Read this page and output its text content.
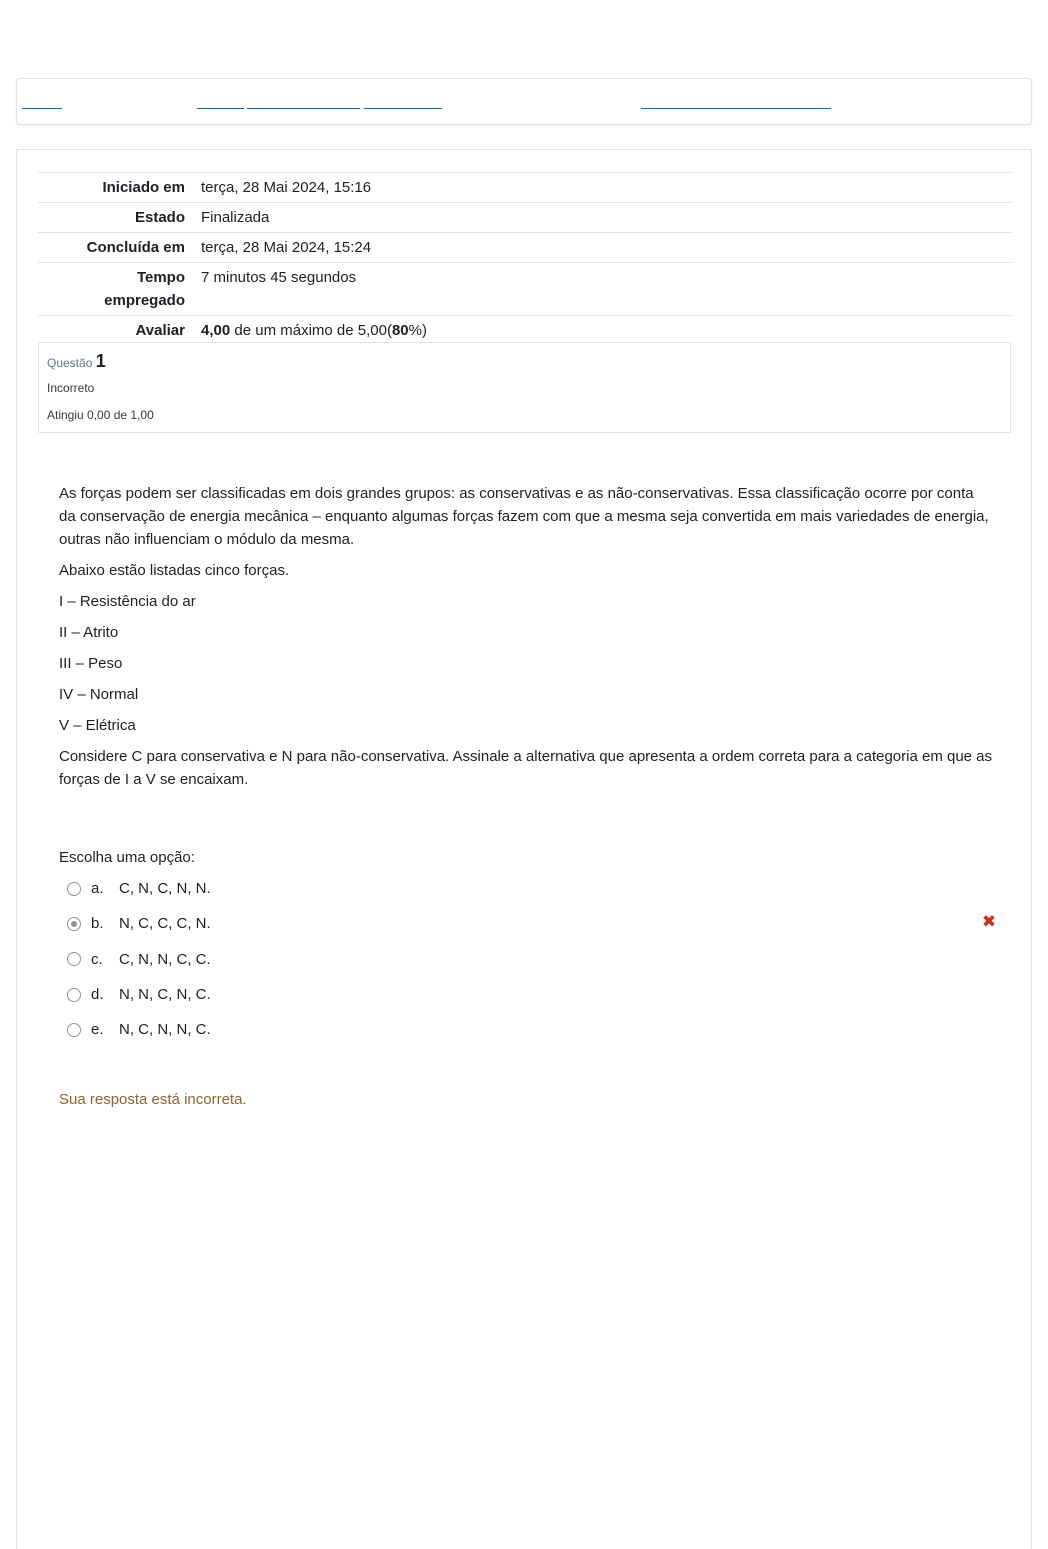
Iniciado em	terça, 28 Mai 2024, 15:16
Estado	Finalizada
Concluída em	terça, 28 Mai 2024, 15:24
Tempo
empregado	7 minutos 45 segundos
Avaliar	4,00 de um máximo de 5,00(80%)
Questão 1
Incorreto
Atingiu 0,00 de 1,00

As forças podem ser classificadas em dois grandes grupos: as conservativas e as não-conservativas. Essa classificação ocorre por conta da conservação de energia mecânica – enquanto algumas forças fazem com que a mesma seja convertida em mais variedades de energia, outras não influenciam o módulo da mesma.

Abaixo estão listadas cinco forças.

I – Resistência do ar

II – Atrito

III – Peso

IV – Normal

V – Elétrica

Considere C para conservativa e N para não-conservativa. Assinale a alternativa que apresenta a ordem correta para a categoria em que as forças de I a V se encaixam.

Escolha uma opção:
a.	C, N, C, N, N.
b.	N, C, C, C, N.	✖
c.	C, N, N, C, C.
d.	N, N, C, N, C.
e.	N, C, N, N, C.
Sua resposta está incorreta.
